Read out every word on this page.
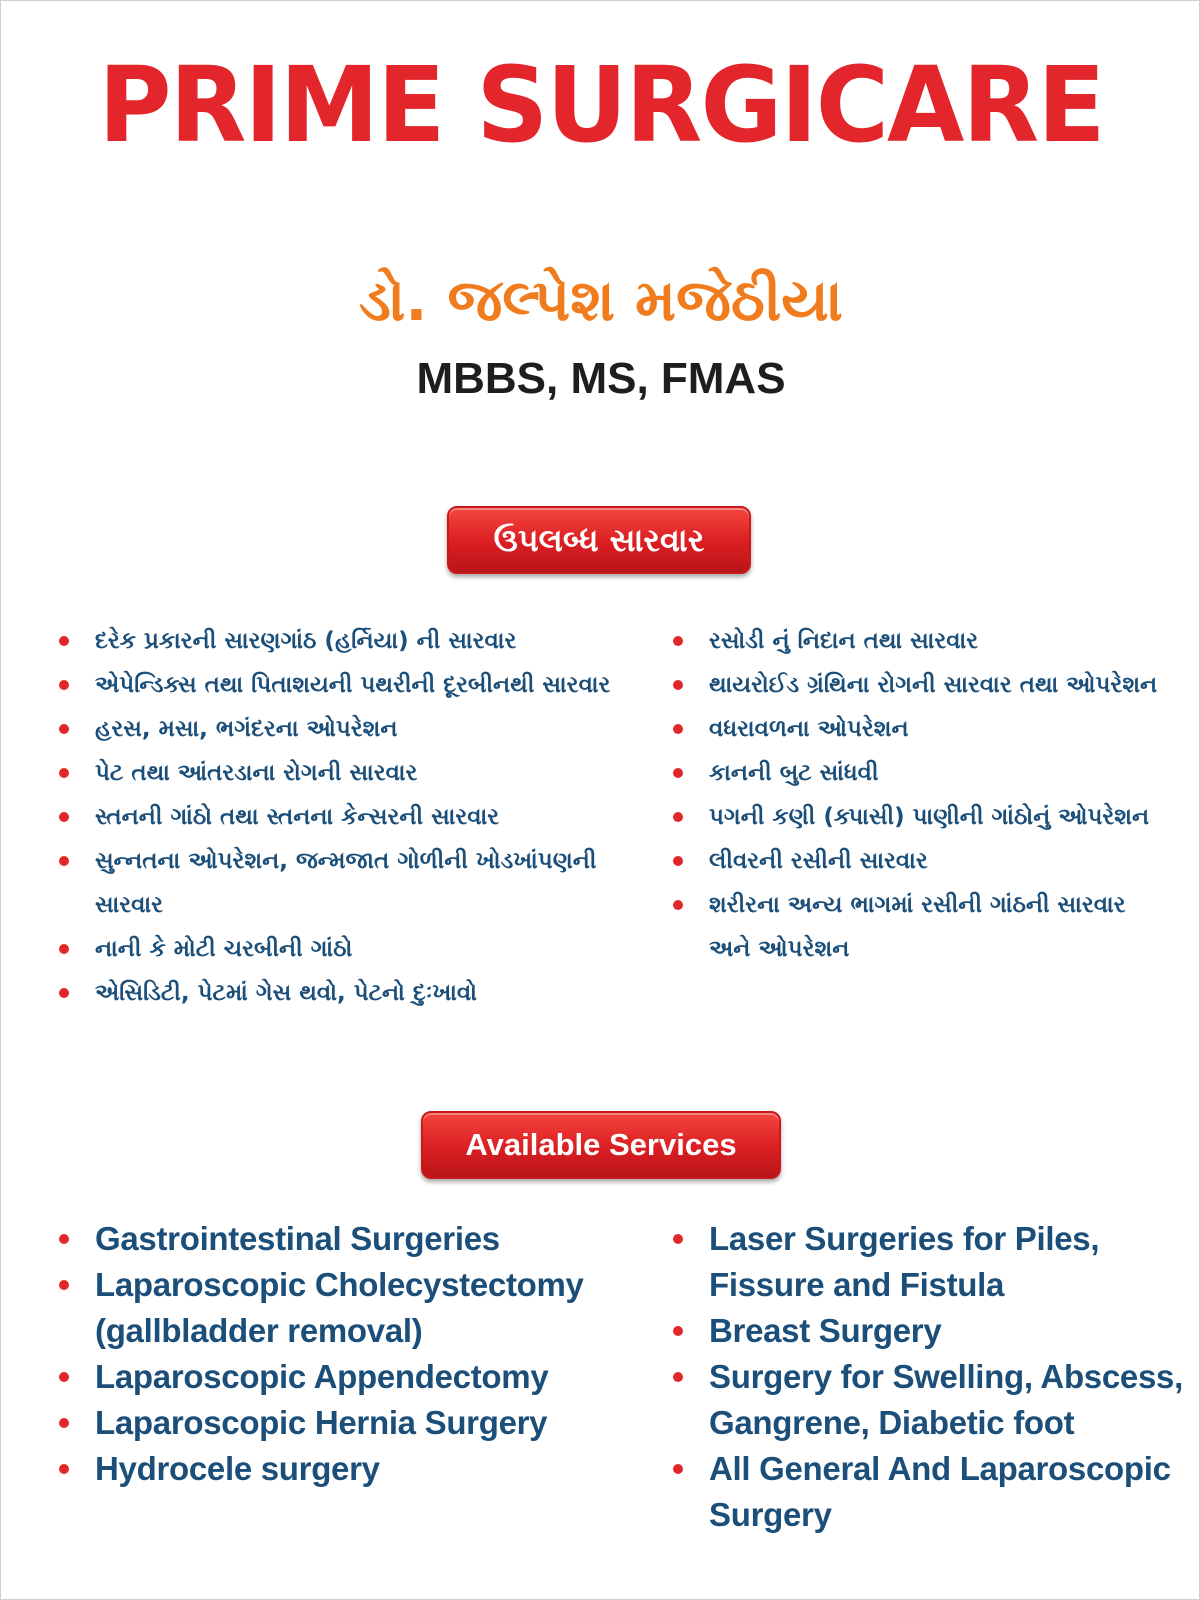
PRIME SURGICARE
ડો. જલ્પેશ મજેઠીયા
MBBS, MS, FMAS
ઉપલબ્ધ સારવાર
દરેક પ્રકારની સારણગાંઠ (હર્નિયા) ની સારવાર
એપેન્ડિક્સ તથા પિતાશયની પથરીની દૂરબીનથી સારવાર
હરસ, મસા, ભગંદરના ઓપરેશન
પેટ તથા આંતરડાના રોગની સારવાર
સ્તનની ગાંઠો તથા સ્તનના કેન્સરની સારવાર
સુન્નતના ઓપરેશન, જન્મજાત ગોળીની ખોડખાંપણની સારવાર
નાની કે મોટી ચરબીની ગાંઠો
એસિડિટી, પેટમાં ગેસ થવો, પેટનો દુઃખાવો
રસોડી નું નિદાન તથા સારવાર
થાયરોઈડ ગ્રંથિના રોગની સારવાર તથા ઓપરેશન
વધરાવળના ઓપરેશન
કાનની બુટ સાંધવી
પગની કણી (ક્પાસી) પાણીની ગાંઠોનું ઓપરેશન
લીવરની રસીની સારવાર
શરીરના અન્ય ભાગમાં રસીની ગાંઠની સારવાર અને ઓપરેશન
Available Services
Gastrointestinal Surgeries
Laparoscopic Cholecystectomy (gallbladder removal)
Laparoscopic Appendectomy
Laparoscopic Hernia Surgery
Hydrocele surgery
Laser Surgeries for Piles, Fissure and Fistula
Breast Surgery
Surgery for Swelling, Abscess, Gangrene, Diabetic foot
All General And Laparoscopic Surgery
